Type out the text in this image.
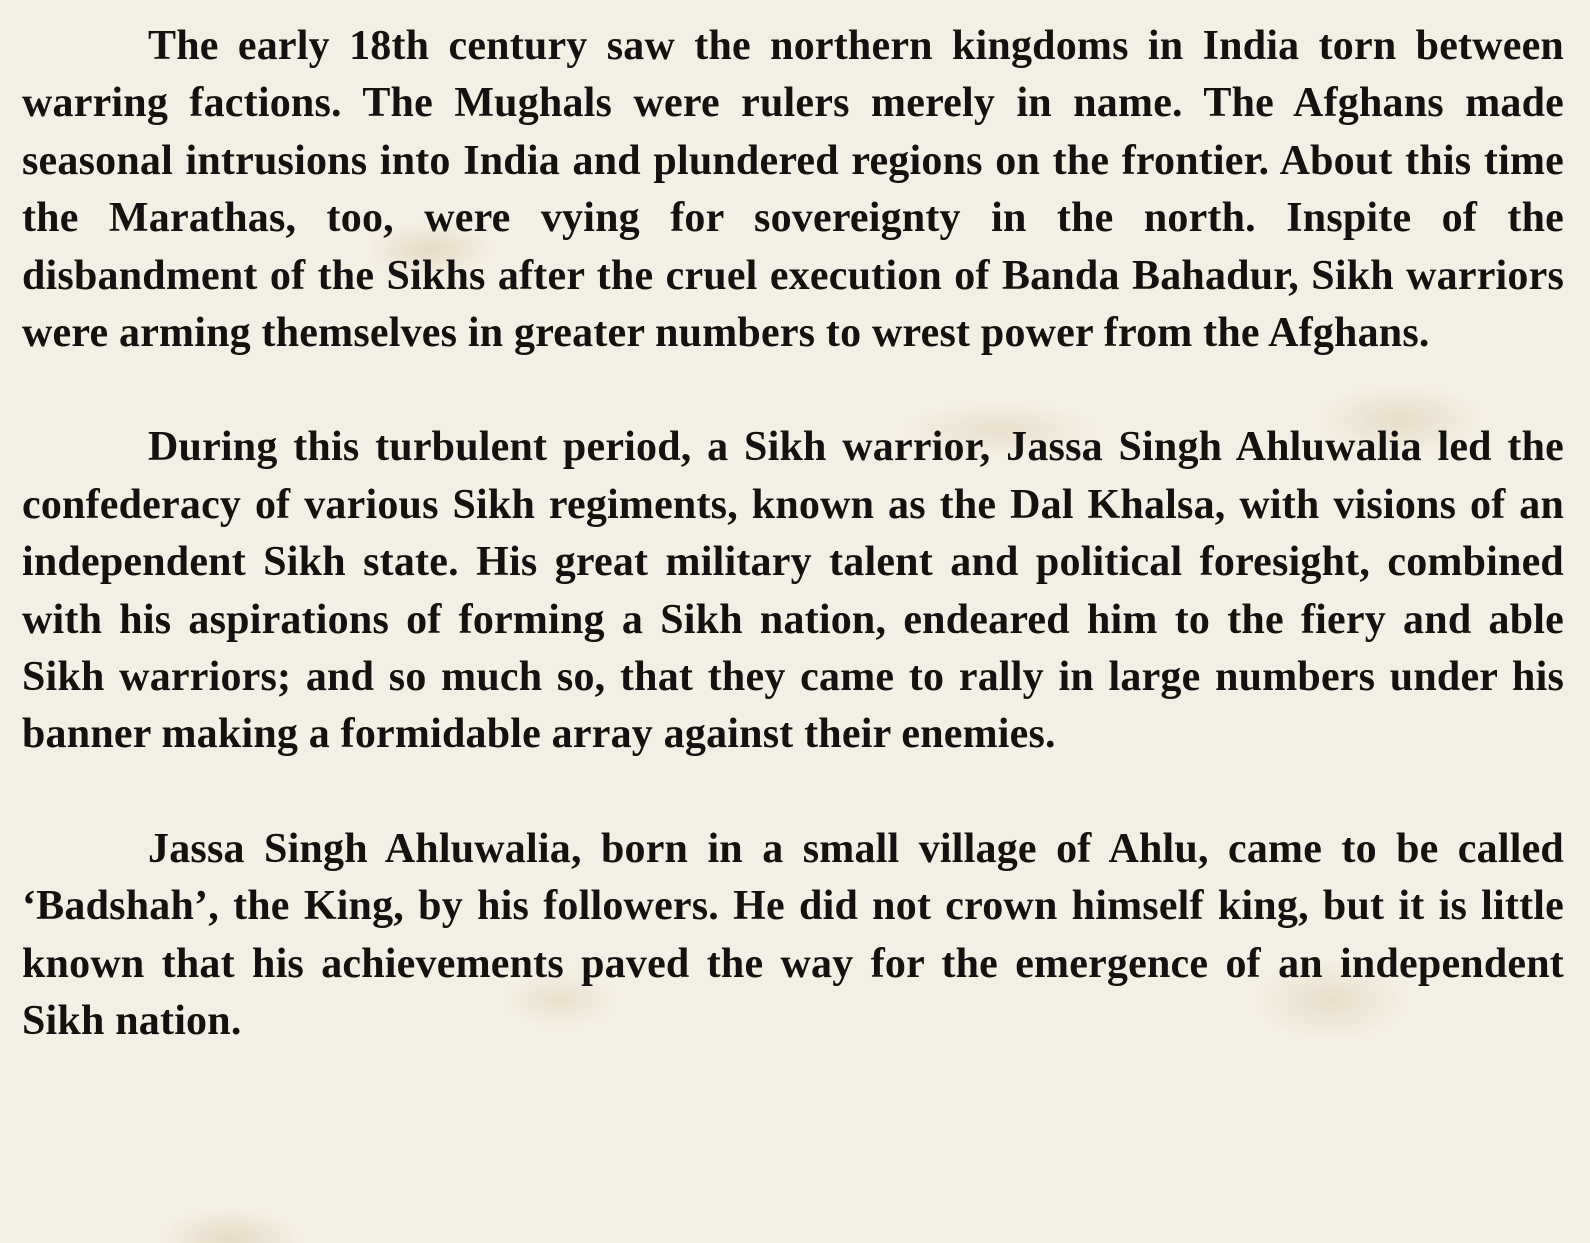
The early 18th century saw the northern kingdoms in India torn between warring factions. The Mughals were rulers merely in name. The Afghans made seasonal intrusions into India and plundered regions on the frontier. About this time the Marathas, too, were vying for sovereignty in the north. Inspite of the disbandment of the Sikhs after the cruel execution of Banda Bahadur, Sikh warriors were arming themselves in greater numbers to wrest power from the Afghans.

During this turbulent period, a Sikh warrior, Jassa Singh Ahluwalia led the confederacy of various Sikh regiments, known as the Dal Khalsa, with visions of an independent Sikh state. His great military talent and political foresight, combined with his aspirations of forming a Sikh nation, endeared him to the fiery and able Sikh warriors; and so much so, that they came to rally in large numbers under his banner making a formidable array against their enemies.

Jassa Singh Ahluwalia, born in a small village of Ahlu, came to be called ‘Badshah’, the King, by his followers. He did not crown himself king, but it is little known that his achievements paved the way for the emergence of an independent Sikh nation.
